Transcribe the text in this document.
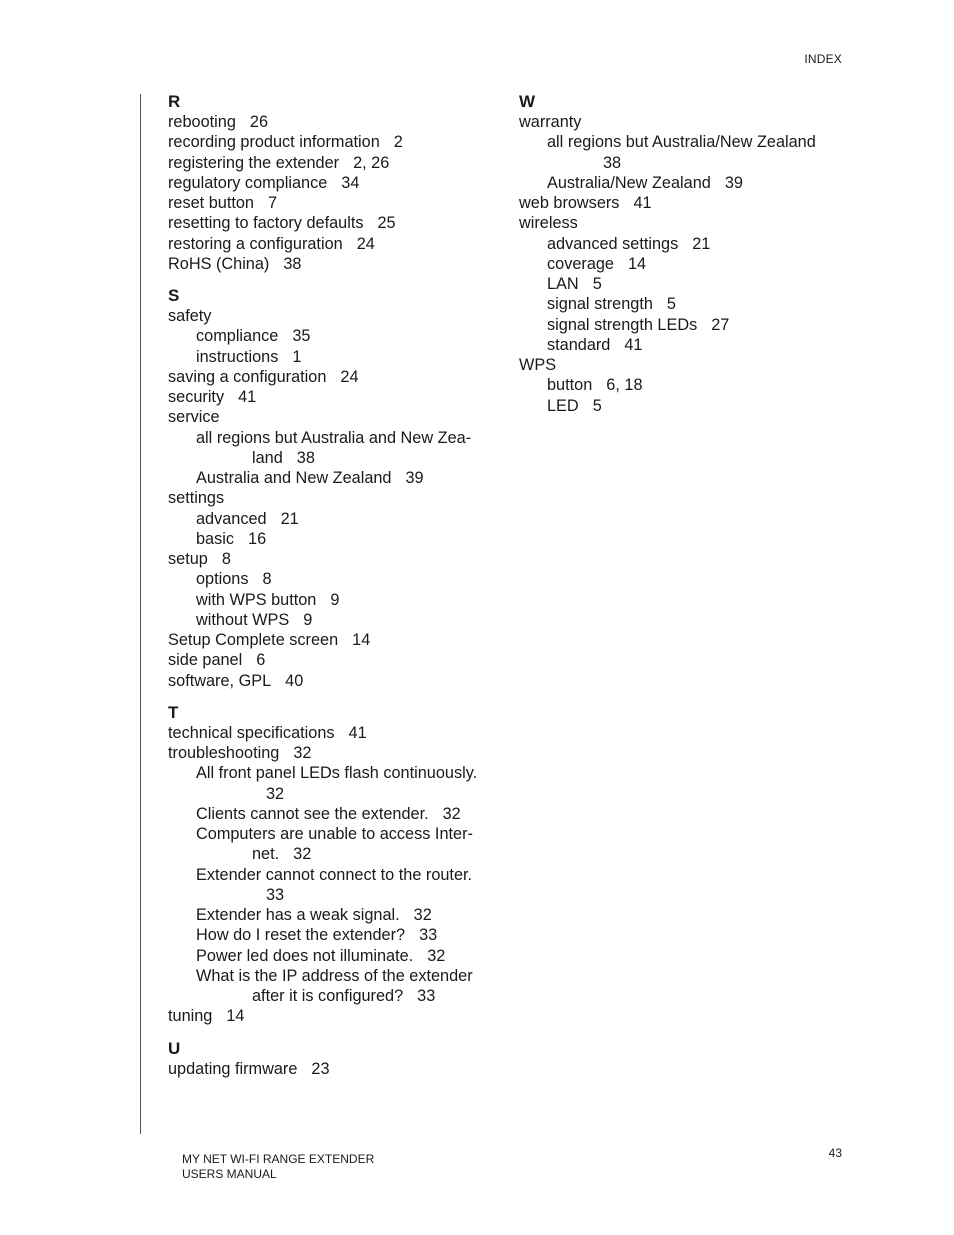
INDEX
R
rebooting 26
recording product information 2
registering the extender 2, 26
regulatory compliance 34
reset button 7
resetting to factory defaults 25
restoring a configuration 24
RoHS (China) 38
S
safety
compliance 35
instructions 1
saving a configuration 24
security 41
service
all regions but Australia and New Zea-
land 38
Australia and New Zealand 39
settings
advanced 21
basic 16
setup 8
options 8
with WPS button 9
without WPS 9
Setup Complete screen 14
side panel 6
software, GPL 40
T
technical specifications 41
troubleshooting 32
All front panel LEDs flash continuously.
32
Clients cannot see the extender. 32
Computers are unable to access Inter-
net. 32
Extender cannot connect to the router.
33
Extender has a weak signal. 32
How do I reset the extender? 33
Power led does not illuminate. 32
What is the IP address of the extender
after it is configured? 33
tuning 14
U
updating firmware 23
W
warranty
all regions but Australia/New Zealand
38
Australia/New Zealand 39
web browsers 41
wireless
advanced settings 21
coverage 14
LAN 5
signal strength 5
signal strength LEDs 27
standard 41
WPS
button 6, 18
LED 5
MY NET WI-FI RANGE EXTENDER
USERS MANUAL
43
